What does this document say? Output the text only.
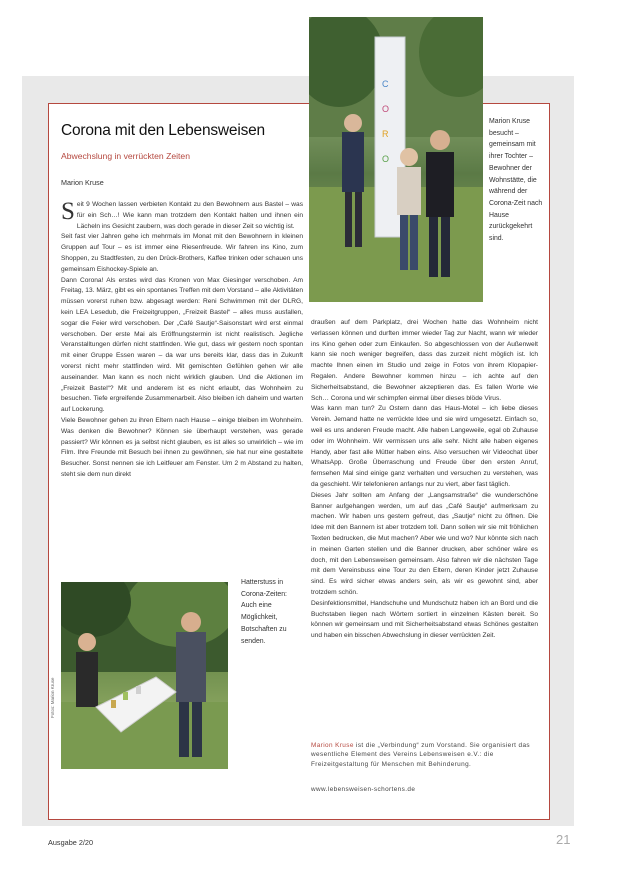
C
O
R
O
Corona mit den Lebensweisen
Abwechslung in verrückten Zeiten
Marion Kruse

Seit 9 Wochen lassen verbieten Kontakt zu den Bewohnern aus Bastel – was für ein Sch…! Wie kann man trotzdem den Kontakt halten und ihnen ein Lächeln ins Gesicht zaubern, was doch gerade in dieser Zeit so wichtig ist.

Seit fast vier Jahren gehe ich mehrmals im Monat mit den Bewohnern in kleinen Gruppen auf Tour – es ist immer eine Riesenfreude. Wir fahren ins Kino, zum Shoppen, zu Stadtfesten, zu den Drück-Brothers, Kaffee trinken oder schauen uns gemeinsam Eishockey-Spiele an.

Dann Corona! Als erstes wird das Kronen von Max Giesinger verschoben. Am Freitag, 13. März, gibt es ein spontanes Treffen mit dem Vorstand – alle Aktivitäten müssen vorerst ruhen bzw. abgesagt werden: Reni Schwimmen mit der DLRG, kein LEA Lesedub, die Freizeitgruppen, „Freizeit Bastel“ – alles muss ausfallen, sogar die Feier wird verschoben. Der „Café Sautje“-Saisonstart wird erst einmal verschoben. Der erste Mai als Eröffnungstermin ist nicht realistisch. Jegliche Veranstalltungen dürfen nicht stattfinden. Wie gut, dass wir gestern noch spontan mit einer Gruppe Essen waren – da war uns bereits klar, dass das in Zukunft vorerst nicht mehr stattfinden wird. Mit gemischten Gefühlen gehen wir alle auseinander. Man kann es noch nicht wirklich glauben. Und die Aktionen im „Freizeit Bastel“? Mit und anderem ist es nicht erlaubt, das Wohnheim zu besuchen. Tiefe ergreifende Zusammenarbeit. Also bleiben ich daheim und warten auf Lockerung.

Viele Bewohner gehen zu ihren Eltern nach Hause – einige bleiben im Wohnheim. Was denken die Bewohner? Können sie überhaupt verstehen, was gerade passiert? Wir können es ja selbst nicht glauben, es ist alles so unwirklich – wie im Film. Ihre Freunde mit Besuch bei ihnen zu gewöhnen, sie hat nur eine gestaltete Besucher. Sonst nennen sie ich Leitfeuer am Fenster. Um 2 m Abstand zu halten, steht sie dem nun direkt

draußen auf dem Parkplatz, drei Wochen hatte das Wohnheim nicht verlassen können und durften immer wieder Tag zur Nacht, wann wir wieder ins Kino gehen oder zum Einkaufen. So abgeschlossen von der Außenwelt kann sie noch weniger begreifen, dass das zurzeit nicht möglich ist. Ich machte Ihnen einen im Studio und zeige in Fotos von ihrem Klopapier-Regalen. Andere Bewohner kommen hinzu – ich achte auf den Sicherheitsabstand, die Bewohner akzeptieren das. Es fallen Worte wie Sch… Corona und wir schimpfen einmal über dieses blöde Virus.

Was kann man tun? Zu Ostern dann das Haus-Motel – ich liebe dieses Verein. Jemand hatte ne verrückte Idee und sie wird umgesetzt. Einfach so, weil es uns anderen Freude macht. Alle haben Langeweile, egal ob Zuhause oder im Wohnheim. Wir vermissen uns alle sehr. Nicht alle haben eigenes Handy, aber fast alle Mütter haben eins. Also versuchen wir Videochat über WhatsApp. Große Überraschung und Freude über den ersten Anruf, fernsehen Mal sind einige ganz verhalten und versuchen zu verstehen, was da geschieht. Wir telefonieren anfangs nur zu viert, aber fast täglich.

Dieses Jahr sollten am Anfang der „Langsamstraße“ die wunderschöne Banner aufgehangen werden, um auf das „Café Sautje“ aufmerksam zu machen. Wir haben uns gestern gefreut, das „Sautje“ nicht zu öffnen. Die Idee mit den Bannern ist aber trotzdem toll. Dann sollen wir sie mit fröhlichen Texten bedrucken, die Mut machen? Aber wie und wo? Nur könnte sich nach in meinen Garten stellen und die Banner drucken, aber schöner wäre es doch, mit den Lebensweisen gemeinsam. Also fahren wir die nächsten Tage mit dem Vereinsbuss eine Tour zu den Eltern, deren Kinder jetzt Zuhause sind. Es wird sicher etwas anders sein, als wir es gewohnt sind, aber trotzdem schön.

Desinfektionsmittel, Handschuhe und Mundschutz haben ich an Bord und die Buchstaben liegen nach Wörtern sortiert in einzelnen Kästen bereit. So können wir gemeinsam und mit Sicherheitsabstand etwas Schönes gestalten und haben ein bisschen Abwechslung in dieser verrückten Zeit.

Marion Kruse besucht – gemeinsam mit ihrer Tochter – Bewohner der Wohnstätte, die während der Corona-Zeit nach Hause zurückgekehrt sind.
Hatterstuss in Corona-Zeiten: Auch eine Möglichkeit, Botschaften zu senden.
Fotos: Marion Kruse
Marion Kruse ist die „Verbindung“ zum Vorstand. Sie organisiert das wesentliche Element des Vereins Lebensweisen e.V.: die Freizeitgestaltung für Menschen mit Behinderung.
www.lebensweisen-schortens.de
Ausgabe 2/20	21
